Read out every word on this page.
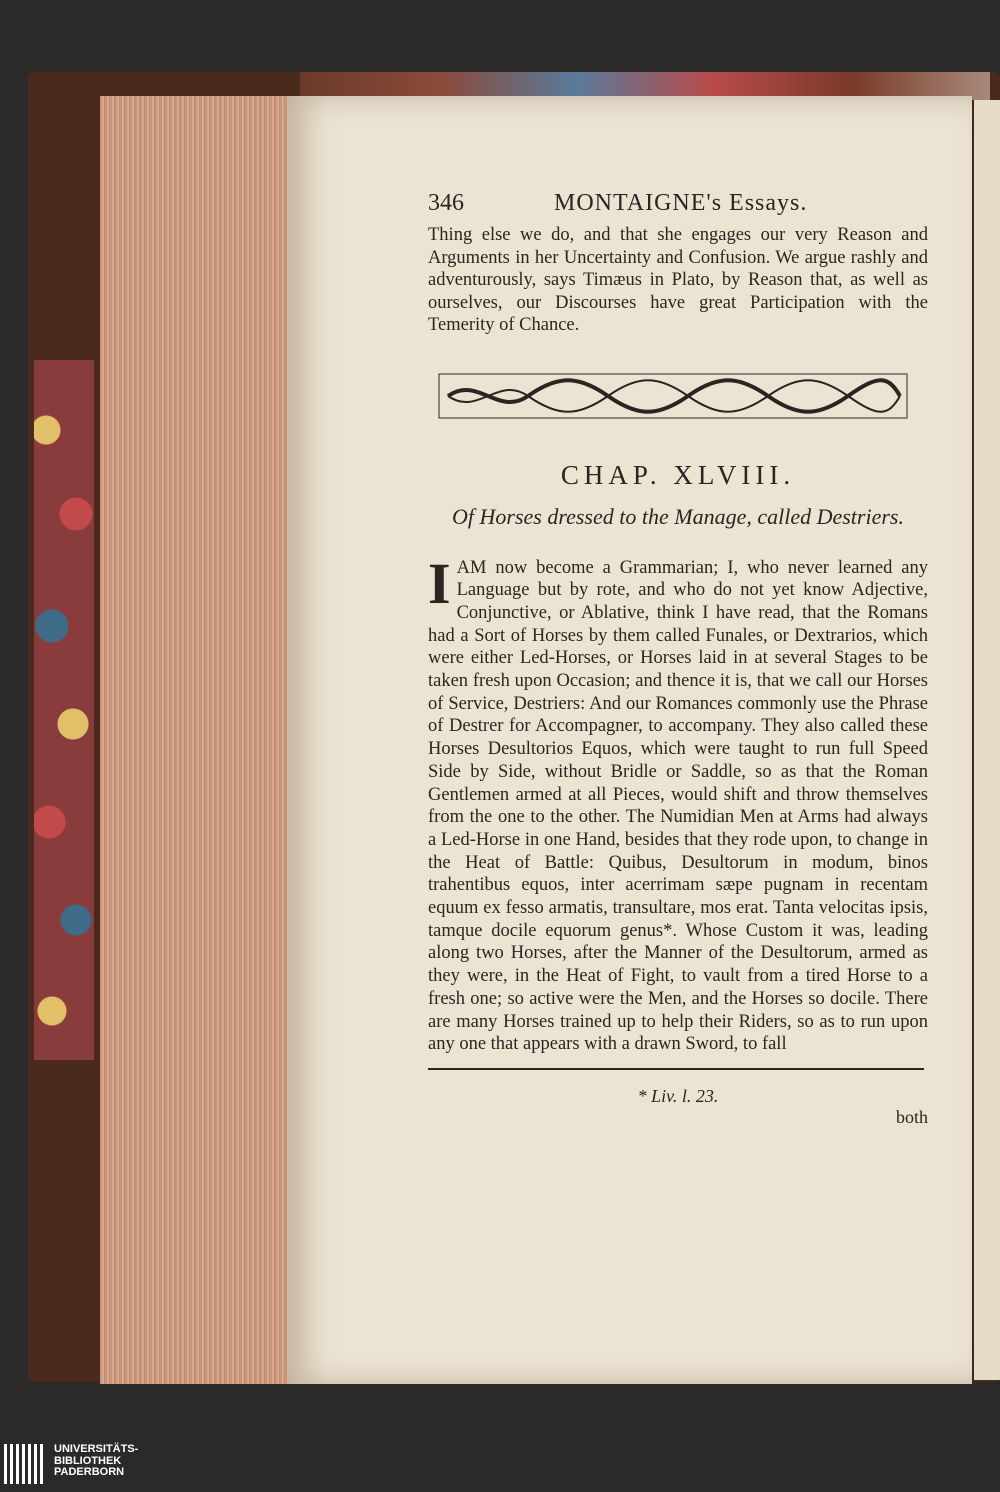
346	MONTAIGNE's Essays.

Thing else we do, and that she engages our very Reason and Arguments in her Uncertainty and Confusion. We argue rashly and adventurously, says Timæus in Plato, by Reason that, as well as ourselves, our Discourses have great Participation with the Temerity of Chance.

CHAP. XLVIII.
Of Horses dressed to the Manage, called Destriers.
I AM now become a Grammarian; I, who never learned any Language but by rote, and who do not yet know Adjective, Conjunctive, or Ablative, think I have read, that the Romans had a Sort of Horses by them called Funales, or Dextrarios, which were either Led-Horses, or Horses laid in at several Stages to be taken fresh upon Occasion; and thence it is, that we call our Horses of Service, Destriers: And our Romances commonly use the Phrase of Destrer for Accompagner, to accompany. They also called these Horses Desultorios Equos, which were taught to run full Speed Side by Side, without Bridle or Saddle, so as that the Roman Gentlemen armed at all Pieces, would shift and throw themselves from the one to the other. The Numidian Men at Arms had always a Led-Horse in one Hand, besides that they rode upon, to change in the Heat of Battle: Quibus, Desultorum in modum, binos trahentibus equos, inter acerrimam sæpe pugnam in recentam equum ex fesso armatis, transultare, mos erat. Tanta velocitas ipsis, tamque docile equorum genus*. Whose Custom it was, leading along two Horses, after the Manner of the Desultorum, armed as they were, in the Heat of Fight, to vault from a tired Horse to a fresh one; so active were the Men, and the Horses so docile. There are many Horses trained up to help their Riders, so as to run upon any one that appears with a drawn Sword, to fall

* Liv. l. 23.
both
UNIVERSITÄTS-
BIBLIOTHEK
PADERBORN
